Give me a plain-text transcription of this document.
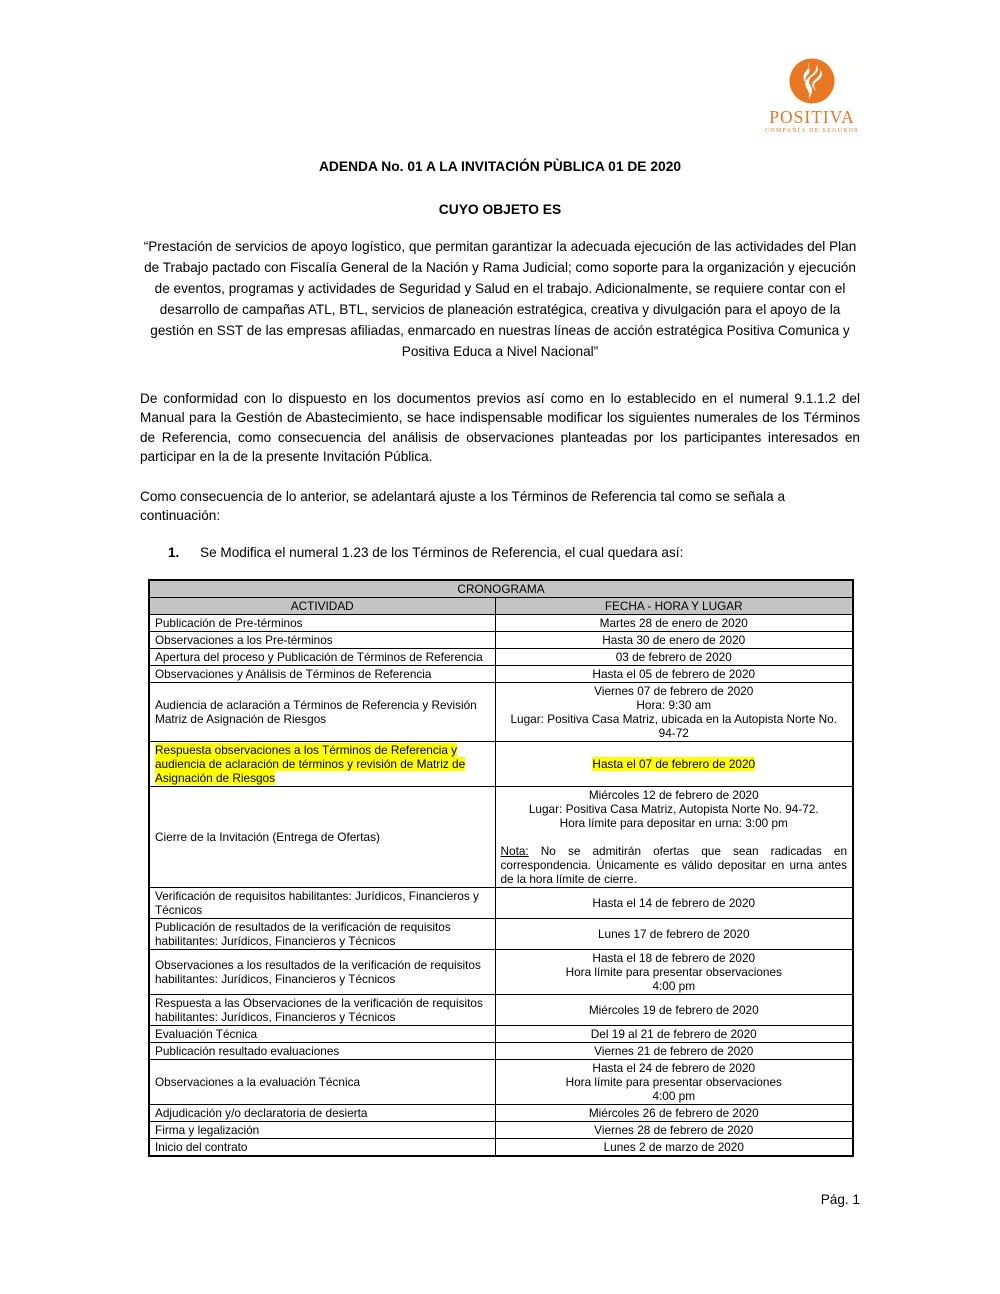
POSITIVA
COMPAÑÍA DE SEGUROS
ADENDA No. 01 A LA INVITACIÓN PÙBLICA 01 DE 2020
CUYO OBJETO ES

“Prestación de servicios de apoyo logístico, que permitan garantizar la adecuada ejecución de las actividades del Plan de Trabajo pactado con Fiscalía General de la Nación y Rama Judicial; como soporte para la organización y ejecución de eventos, programas y actividades de Seguridad y Salud en el trabajo. Adicionalmente, se requiere contar con el desarrollo de campañas ATL, BTL, servicios de planeación estratégica, creativa y divulgación para el apoyo de la gestión en SST de las empresas afiliadas, enmarcado en nuestras líneas de acción estratégica Positiva Comunica y Positiva Educa a Nivel Nacional”

De conformidad con lo dispuesto en los documentos previos así como en lo establecido en el numeral 9.1.1.2 del Manual para la Gestión de Abastecimiento, se hace indispensable modificar los siguientes numerales de los Términos de Referencia, como consecuencia del análisis de observaciones planteadas por los participantes interesados en participar en la de la presente Invitación Pública.

Como consecuencia de lo anterior, se adelantará ajuste a los Términos de Referencia tal como se señala a continuación:

1.	Se Modifica el numeral 1.23 de los Términos de Referencia, el cual quedara así:
CRONOGRAMA	
ACTIVIDAD	FECHA - HORA Y LUGAR
Publicación de Pre-términos	Martes 28 de enero de 2020

Observaciones a los Pre-términos	Hasta 30 de enero de 2020

Apertura del proceso y Publicación de Términos de Referencia	03 de febrero de 2020

Observaciones y Análisis de Términos de Referencia	Hasta el 05 de febrero de 2020

Audiencia de aclaración a Términos de Referencia y Revisión Matriz de Asignación de Riesgos	Viernes 07 de febrero de 2020
Hora: 9:30 am
Lugar: Positiva Casa Matriz, ubicada en la Autopista Norte No. 94-72

Respuesta observaciones a los Términos de Referencia y audiencia de aclaración de términos y revisión de Matriz de Asignación de Riesgos	Hasta el 07 de febrero de 2020

Cierre de la Invitación (Entrega de Ofertas)	Miércoles 12 de febrero de 2020
Lugar: Positiva Casa Matriz, Autopista Norte No. 94-72.
Hora límite para depositar en urna: 3:00 pm

Nota: No se admitirán ofertas que sean radicadas en correspondencia. Únicamente es válido depositar en urna antes de la hora límite de cierre.

Verificación de requisitos habilitantes: Jurídicos, Financieros y Técnicos	Hasta el 14 de febrero de 2020

Publicación de resultados de la verificación de requisitos habilitantes: Jurídicos, Financieros y Técnicos	Lunes 17 de febrero de 2020

Observaciones a los resultados de la verificación de requisitos habilitantes: Jurídicos, Financieros y Técnicos	Hasta el 18 de febrero de 2020
Hora límite para presentar observaciones
4:00 pm

Respuesta a las Observaciones de la verificación de requisitos habilitantes: Jurídicos, Financieros y Técnicos	Miércoles 19 de febrero de 2020

Evaluación Técnica	Del 19 al 21 de febrero de 2020

Publicación resultado evaluaciones	Viernes 21 de febrero de 2020

Observaciones a la evaluación Técnica	Hasta el 24 de febrero de 2020
Hora límite para presentar observaciones
4:00 pm

Adjudicación y/o declaratoria de desierta	Miércoles 26 de febrero de 2020

Firma y legalización	Viernes 28 de febrero de 2020

Inicio del contrato	Lunes 2 de marzo de 2020
Pág. 1
